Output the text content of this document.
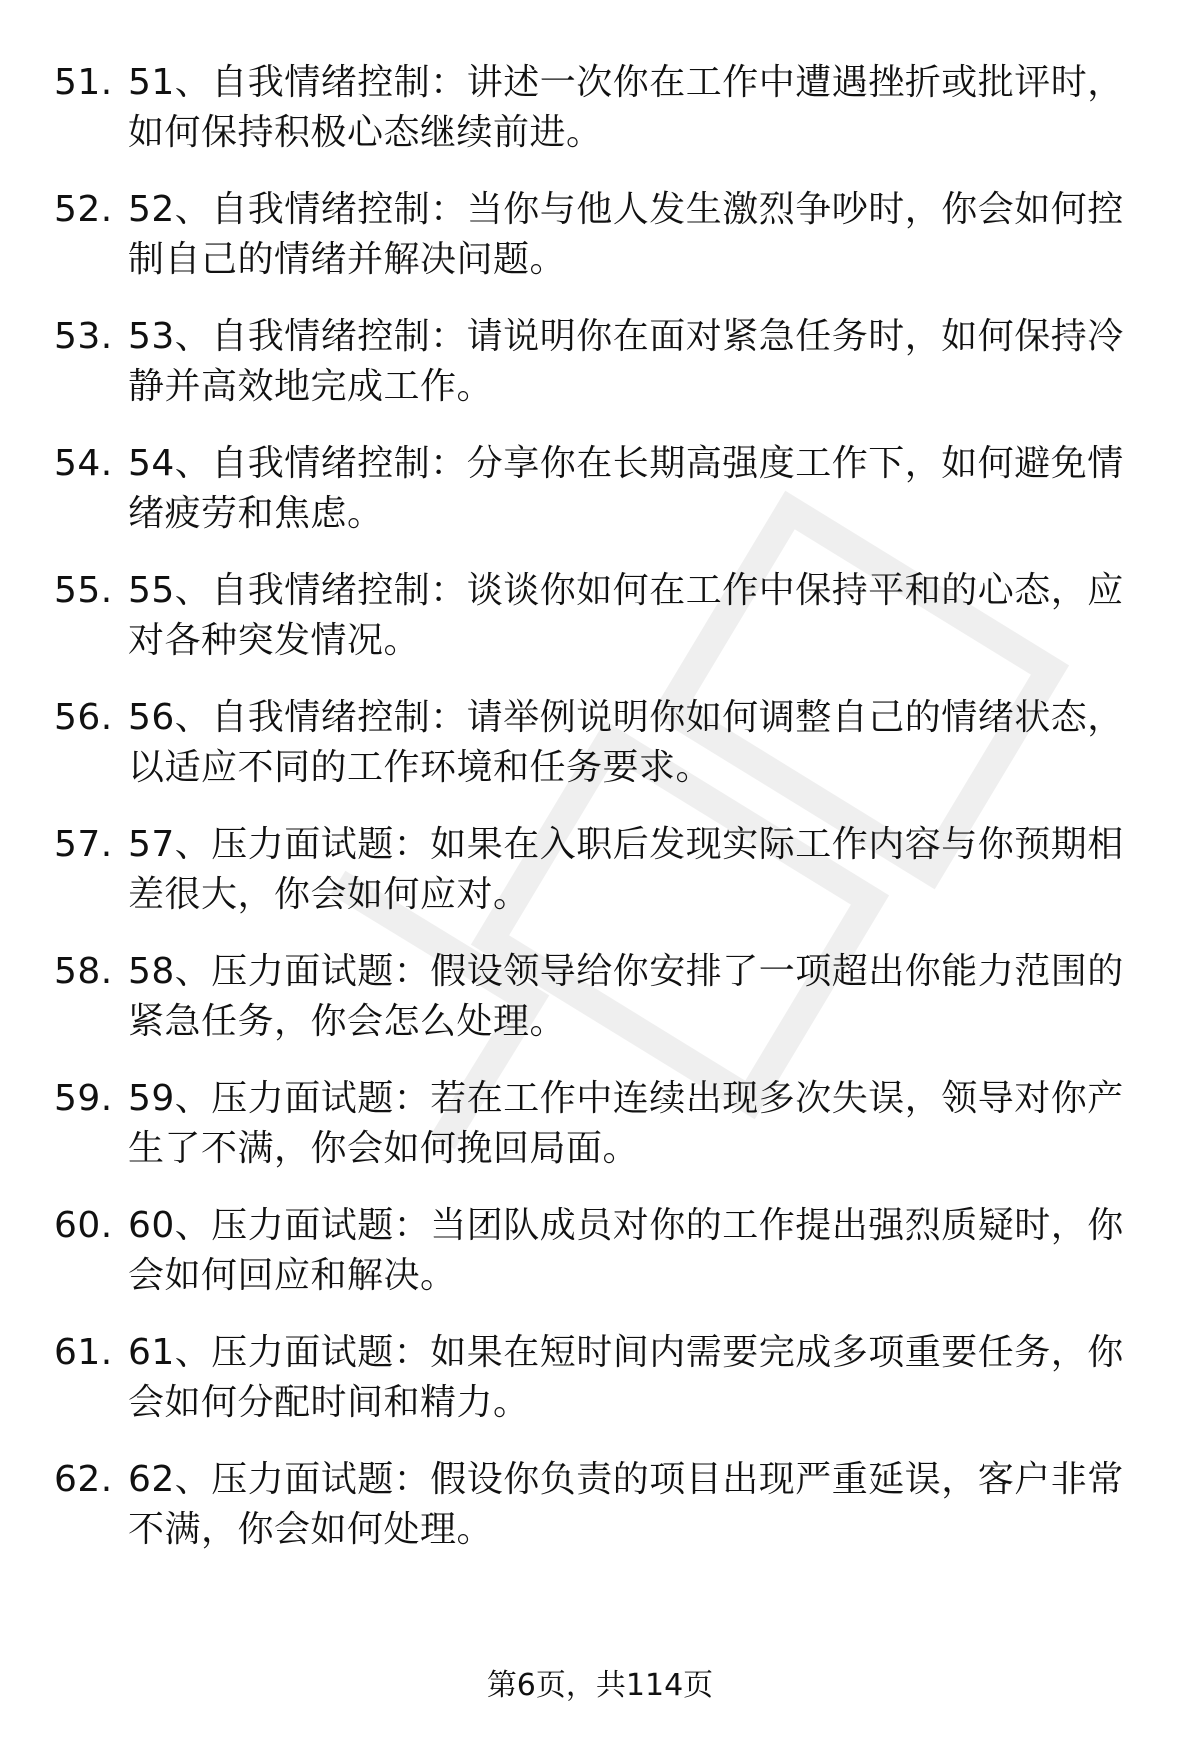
51. 51、自我情绪控制：讲述一次你在工作中遭遇挫折或批评时，如何保持积极心态继续前进。
52. 52、自我情绪控制：当你与他人发生激烈争吵时，你会如何控制自己的情绪并解决问题。
53. 53、自我情绪控制：请说明你在面对紧急任务时，如何保持冷静并高效地完成工作。
54. 54、自我情绪控制：分享你在长期高强度工作下，如何避免情绪疲劳和焦虑。
55. 55、自我情绪控制：谈谈你如何在工作中保持平和的心态，应对各种突发情况。
56. 56、自我情绪控制：请举例说明你如何调整自己的情绪状态，以适应不同的工作环境和任务要求。
57. 57、压力面试题：如果在入职后发现实际工作内容与你预期相差很大，你会如何应对。
58. 58、压力面试题：假设领导给你安排了一项超出你能力范围的紧急任务，你会怎么处理。
59. 59、压力面试题：若在工作中连续出现多次失误，领导对你产生了不满，你会如何挽回局面。
60. 60、压力面试题：当团队成员对你的工作提出强烈质疑时，你会如何回应和解决。
61. 61、压力面试题：如果在短时间内需要完成多项重要任务，你会如何分配时间和精力。
62. 62、压力面试题：假设你负责的项目出现严重延误，客户非常不满，你会如何处理。
第6页，共114页
